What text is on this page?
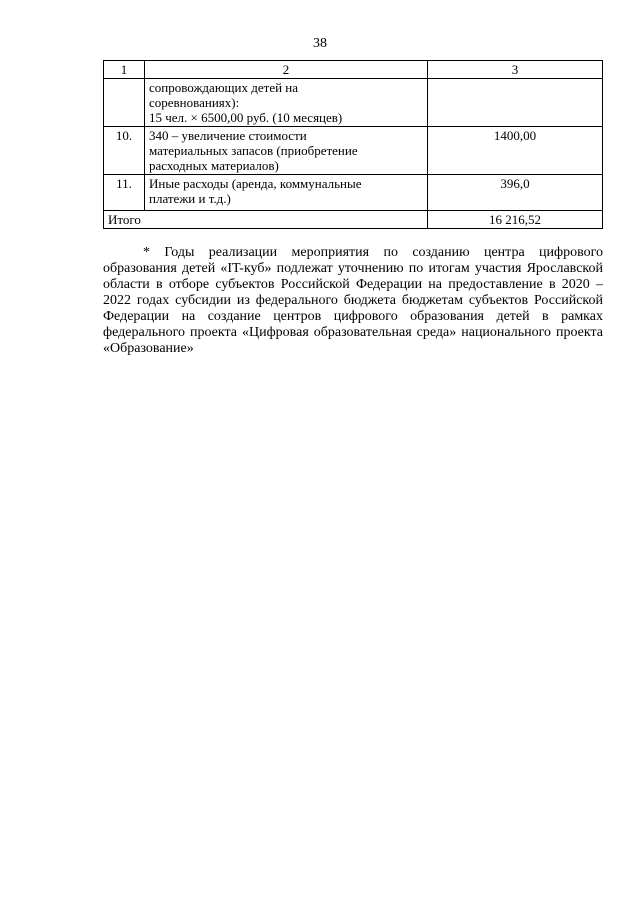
38
1	2	3
	сопровождающих детей на
соревнованиях):
15 чел. × 6500,00 руб. (10 месяцев)	
10.	340 – увеличение стоимости
материальных запасов (приобретение
расходных материалов)	1400,00
11.	Иные расходы (аренда, коммунальные
платежи и т.д.)	396,0
Итого		16 216,52
* Годы реализации мероприятия по созданию центра цифрового образования детей «IT-куб» подлежат уточнению по итогам участия Ярославской области в отборе субъектов Российской Федерации на предоставление в 2020 – 2022 годах субсидии из федерального бюджета бюджетам субъектов Российской Федерации на создание центров цифрового образования детей в рамках федерального проекта «Цифровая образовательная среда» национального проекта «Образование»
